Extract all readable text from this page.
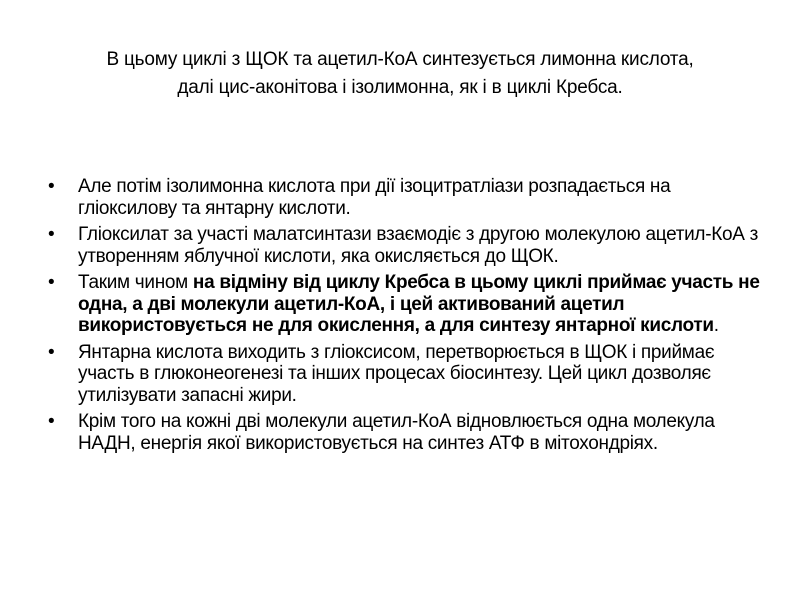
В цьому циклі з ЩОК та ацетил-КоА синтезується лимонна кислота,
далі цис-аконітова і ізолимонна, як і в циклі Кребса.
•	Але потім ізолимонна кислота при дії ізоцитратліази розпадається на гліоксилову та янтарну кислоти.
•	Гліоксилат за участі малатсинтази взаємодіє з другою молекулою ацетил-КоА з утворенням яблучної кислоти, яка окисляється до ЩОК.
•	Таким чином на відміну від циклу Кребса в цьому циклі приймає участь не одна, а дві молекули ацетил-КоА, і цей активований ацетил використовується не для окислення, а для синтезу янтарної кислоти.
•	Янтарна кислота виходить з гліоксисом, перетворюється в ЩОК і приймає участь в глюконеогенезі та інших процесах біосинтезу. Цей цикл дозволяє утилізувати запасні жири.
•	Крім того на кожні дві молекули ацетил-КоА відновлюється одна молекула НАДН, енергія якої використовується на синтез АТФ в мітохондріях.
